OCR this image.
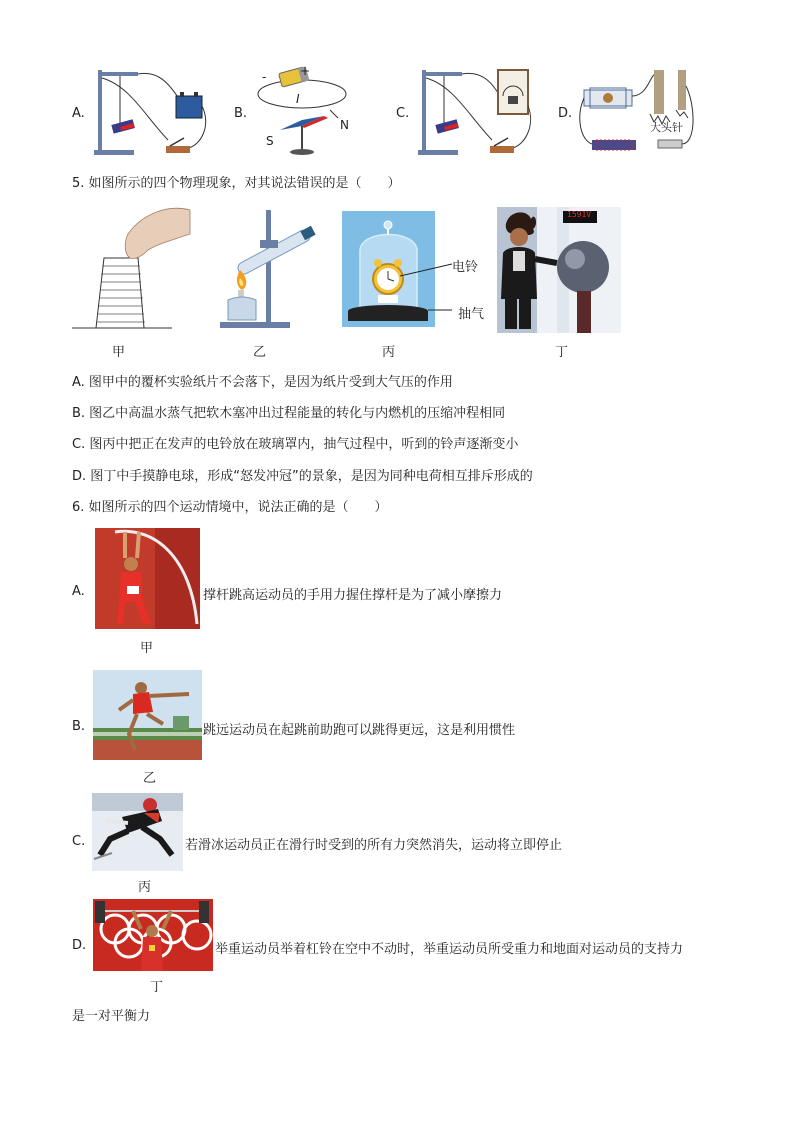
A.	B.
-	+
I
S
N
C.	D.
大头针
5. 如图所示的四个物理现象，对其说法错误的是（　　）
甲	乙
电铃
抽气
丙
1591V
丁
A. 图甲中的覆杯实验纸片不会落下，是因为纸片受到大气压的作用
B. 图乙中高温水蒸气把软木塞冲出过程能量的转化与内燃机的压缩冲程相同
C. 图丙中把正在发声的电铃放在玻璃罩内，抽气过程中，听到的铃声逐渐变小
D. 图丁中手摸静电球，形成“怒发冲冠”的景象，是因为同种电荷相互排斥形成的
6. 如图所示的四个运动情境中，说法正确的是（　　）
A.	撑杆跳高运动员的手用力握住撑杆是为了减小摩擦力
甲
B.	跳远运动员在起跳前助跑可以跳得更远，这是利用惯性
乙
C.	若滑冰运动员正在滑行时受到的所有力突然消失，运动将立即停止
丙
D.	举重运动员举着杠铃在空中不动时，举重运动员所受重力和地面对运动员的支持力
丁
是一对平衡力
